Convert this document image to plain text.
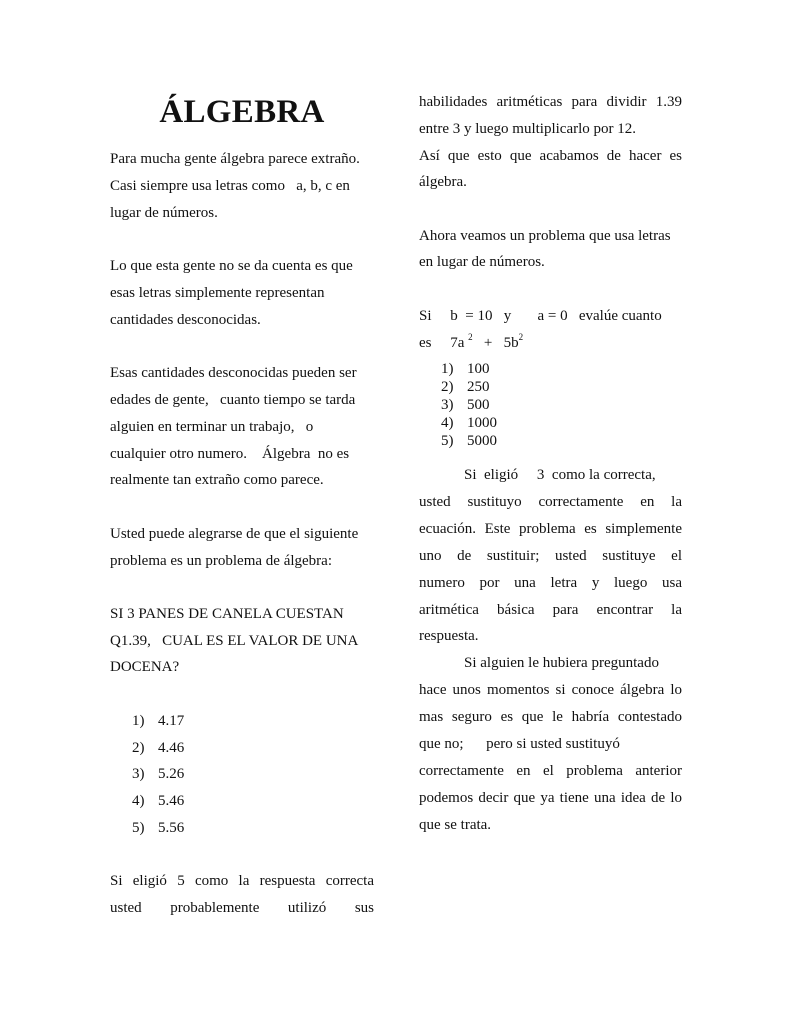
ÁLGEBRA
Para mucha gente álgebra parece extraño.
Casi siempre usa letras como   a, b, c en
lugar de números.
Lo que esta gente no se da cuenta es que
esas letras simplemente representan
cantidades desconocidas.
Esas cantidades desconocidas pueden ser
edades de gente,   cuanto tiempo se tarda
alguien en terminar un trabajo,   o
cualquier otro numero.    Álgebra  no es
realmente tan extraño como parece.
Usted puede alegrarse de que el siguiente
problema es un problema de álgebra:
SI 3 PANES DE CANELA CUESTAN
Q1.39,   CUAL ES EL VALOR DE UNA
DOCENA?
1) 4.17
2) 4.46
3) 5.26
4) 5.46
5) 5.56
Si eligió 5 como la respuesta correcta
usted probablemente utilizó sus
habilidades aritméticas para dividir 1.39
entre 3 y luego multiplicarlo por 12.
Así que esto que acabamos de hacer es
álgebra.
Ahora veamos un problema que usa letras
en lugar de números.
Si     b  = 10   y       a = 0   evalúe cuanto
es     7a $^2 + 5b^2$
1) 100
2) 250
3) 500
4) 1000
5) 5000
Si  eligió     3  como la correcta,
usted sustituyo correctamente en la
ecuación. Este problema es simplemente
uno de sustituir; usted sustituye el
numero por una letra y luego usa
aritmética básica para encontrar la
respuesta.
Si alguien le hubiera preguntado
hace unos momentos si conoce álgebra lo
mas seguro es que le habría contestado
que no;      pero si usted sustituyó
correctamente en el problema anterior
podemos decir que ya tiene una idea de lo
que se trata.
